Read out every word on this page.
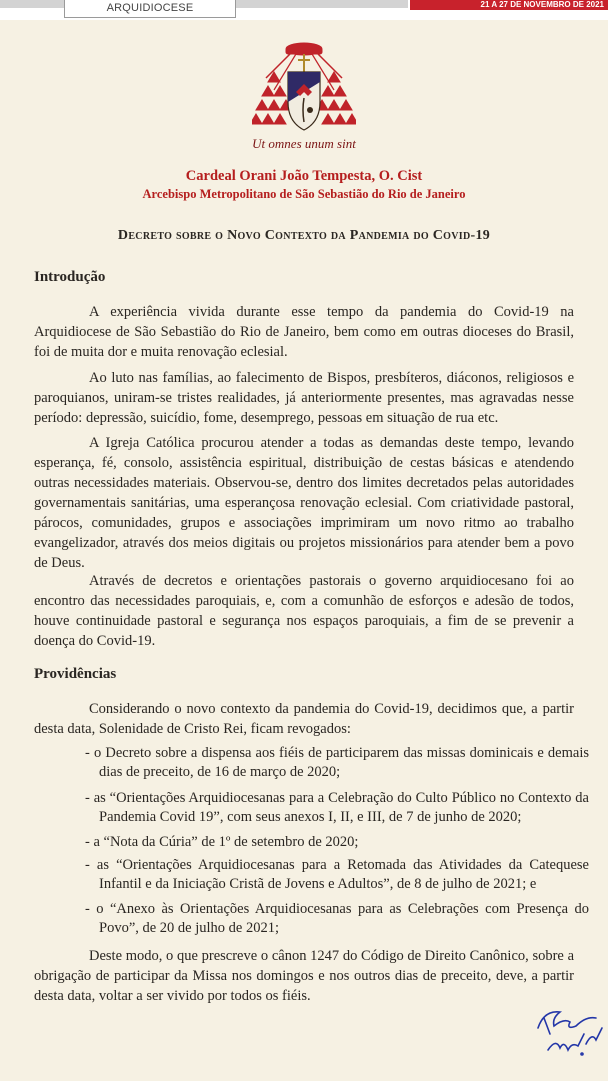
ARQUIDIOCESE	21 A 27 DE NOVEMBRO DE 2021
Ut omnes unum sint
Cardeal Orani João Tempesta, O. Cist
Arcebispo Metropolitano de São Sebastião do Rio de Janeiro
Decreto sobre o Novo Contexto da Pandemia do Covid-19
Introdução

A experiência vivida durante esse tempo da pandemia do Covid-19 na Arquidiocese de São Sebastião do Rio de Janeiro, bem como em outras dioceses do Brasil, foi de muita dor e muita renovação eclesial.

Ao luto nas famílias, ao falecimento de Bispos, presbíteros, diáconos, religiosos e paroquianos, uniram-se tristes realidades, já anteriormente presentes, mas agravadas nesse período: depressão, suicídio, fome, desemprego, pessoas em situação de rua etc.

A Igreja Católica procurou atender a todas as demandas deste tempo, levando esperança, fé, consolo, assistência espiritual, distribuição de cestas básicas e atendendo outras necessidades materiais. Observou-se, dentro dos limites decretados pelas autoridades governamentais sanitárias, uma esperançosa renovação eclesial. Com criatividade pastoral, párocos, comunidades, grupos e associações imprimiram um novo ritmo ao trabalho evangelizador, através dos meios digitais ou projetos missionários para atender bem a povo de Deus.

Através de decretos e orientações pastorais o governo arquidiocesano foi ao encontro das necessidades paroquiais, e, com a comunhão de esforços e adesão de todos, houve continuidade pastoral e segurança nos espaços paroquiais, a fim de se prevenir a doença do Covid-19.

Providências

Considerando o novo contexto da pandemia do Covid-19, decidimos que, a partir desta data, Solenidade de Cristo Rei, ficam revogados:

- o Decreto sobre a dispensa aos fiéis de participarem das missas dominicais e demais dias de preceito, de 16 de março de 2020;

- as “Orientações Arquidiocesanas para a Celebração do Culto Público no Contexto da Pandemia Covid 19”, com seus anexos I, II, e III, de 7 de junho de 2020;

- a “Nota da Cúria” de 1º de setembro de 2020;

- as “Orientações Arquidiocesanas para a Retomada das Atividades da Catequese Infantil e da Iniciação Cristã de Jovens e Adultos”, de 8 de julho de 2021; e

- o “Anexo às Orientações Arquidiocesanas para as Celebrações com Presença do Povo”, de 20 de julho de 2021;

Deste modo, o que prescreve o cânon 1247 do Código de Direito Canônico, sobre a obrigação de participar da Missa nos domingos e nos outros dias de preceito, deve, a partir desta data, voltar a ser vivido por todos os fiéis.
